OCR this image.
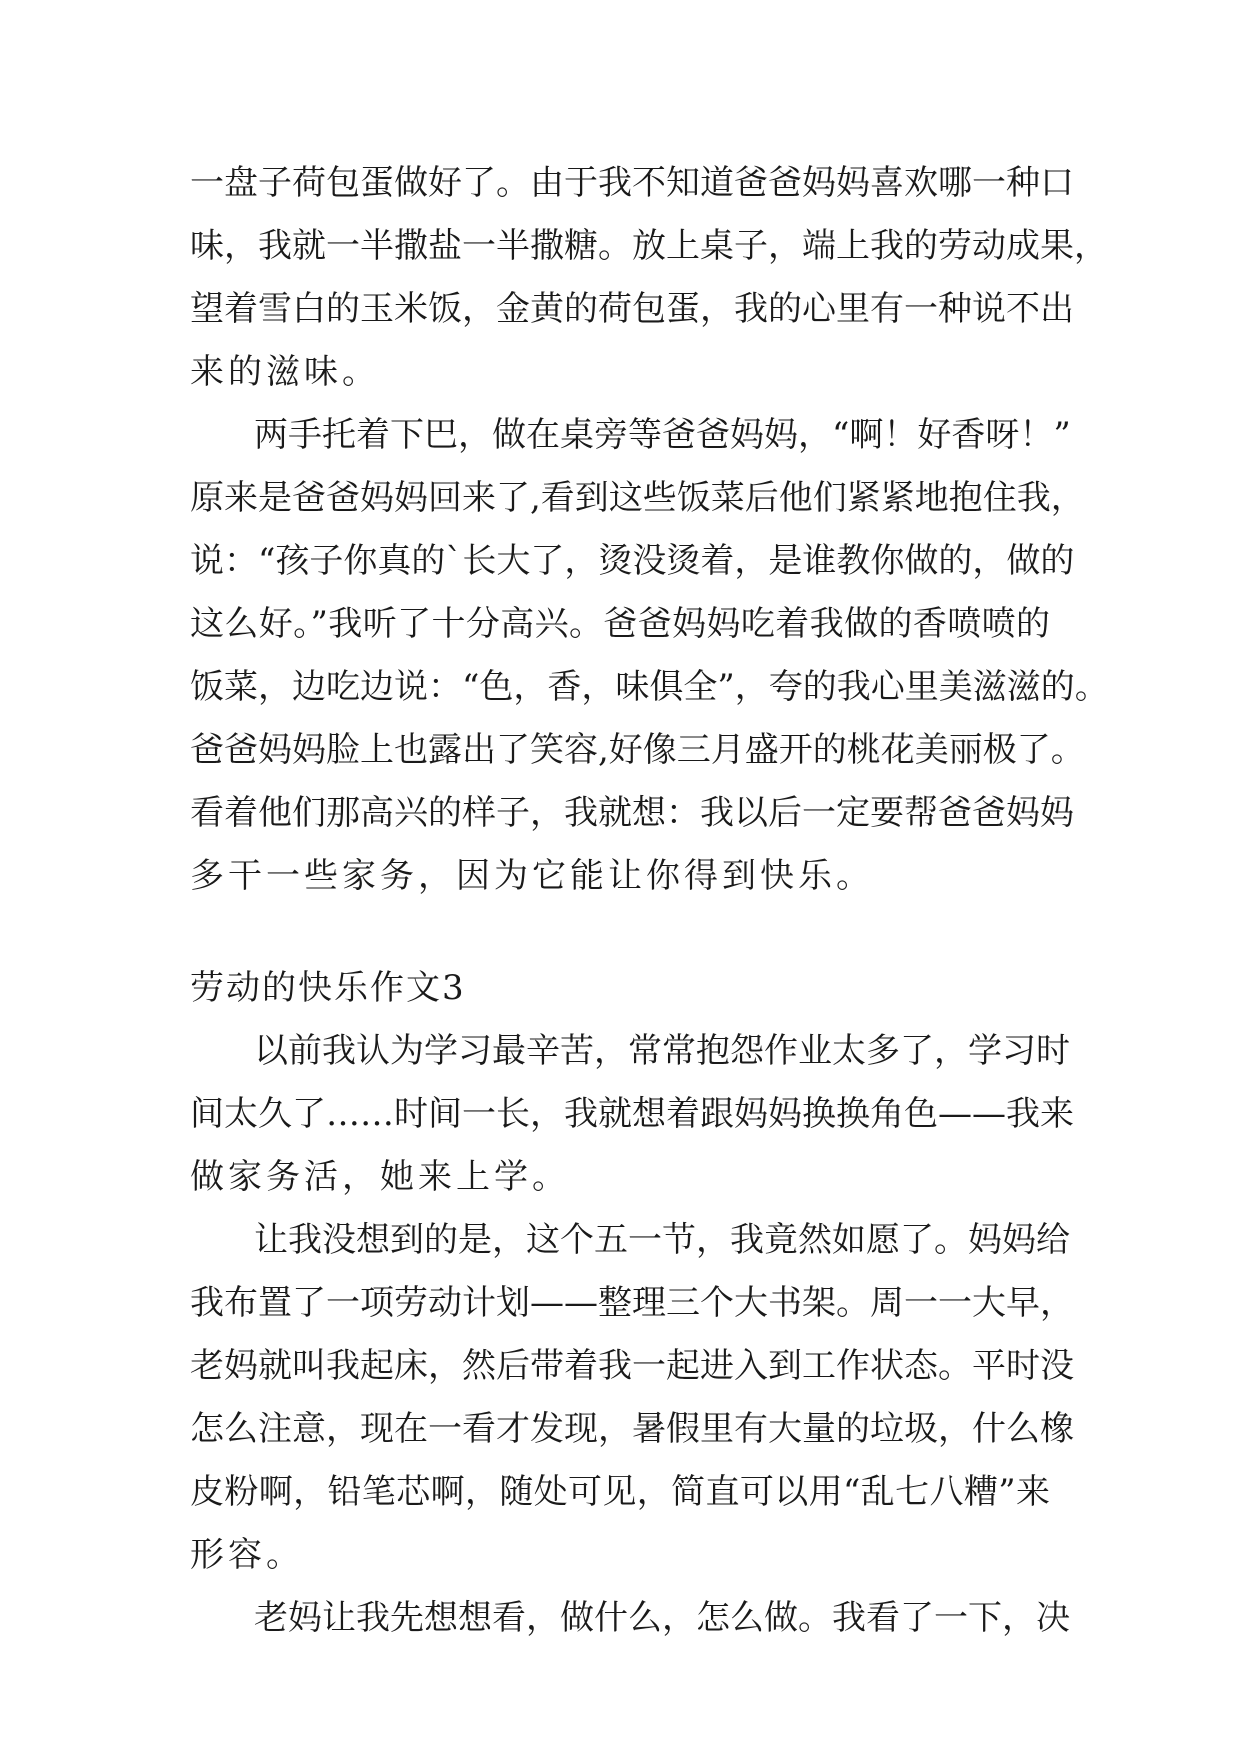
一盘子荷包蛋做好了。由于我不知道爸爸妈妈喜欢哪一种口

味，我就一半撒盐一半撒糖。放上桌子，端上我的劳动成果，

望着雪白的玉米饭，金黄的荷包蛋，我的心里有一种说不出

来的滋味。

两手托着下巴，做在桌旁等爸爸妈妈，“啊！好香呀！”

原来是爸爸妈妈回来了,看到这些饭菜后他们紧紧地抱住我，

说：“孩子你真的`长大了，烫没烫着，是谁教你做的，做的

这么好。”我听了十分高兴。爸爸妈妈吃着我做的香喷喷的

饭菜，边吃边说：“色，香，味俱全”，夸的我心里美滋滋的。

爸爸妈妈脸上也露出了笑容,好像三月盛开的桃花美丽极了。

看着他们那高兴的样子，我就想：我以后一定要帮爸爸妈妈

多干一些家务，因为它能让你得到快乐。

劳动的快乐作文3

以前我认为学习最辛苦，常常抱怨作业太多了，学习时

间太久了……时间一长，我就想着跟妈妈换换角色——我来

做家务活，她来上学。

让我没想到的是，这个五一节，我竟然如愿了。妈妈给

我布置了一项劳动计划——整理三个大书架。周一一大早，

老妈就叫我起床，然后带着我一起进入到工作状态。平时没

怎么注意，现在一看才发现，暑假里有大量的垃圾，什么橡

皮粉啊，铅笔芯啊，随处可见，简直可以用“乱七八糟”来

形容。

老妈让我先想想看，做什么，怎么做。我看了一下，决
